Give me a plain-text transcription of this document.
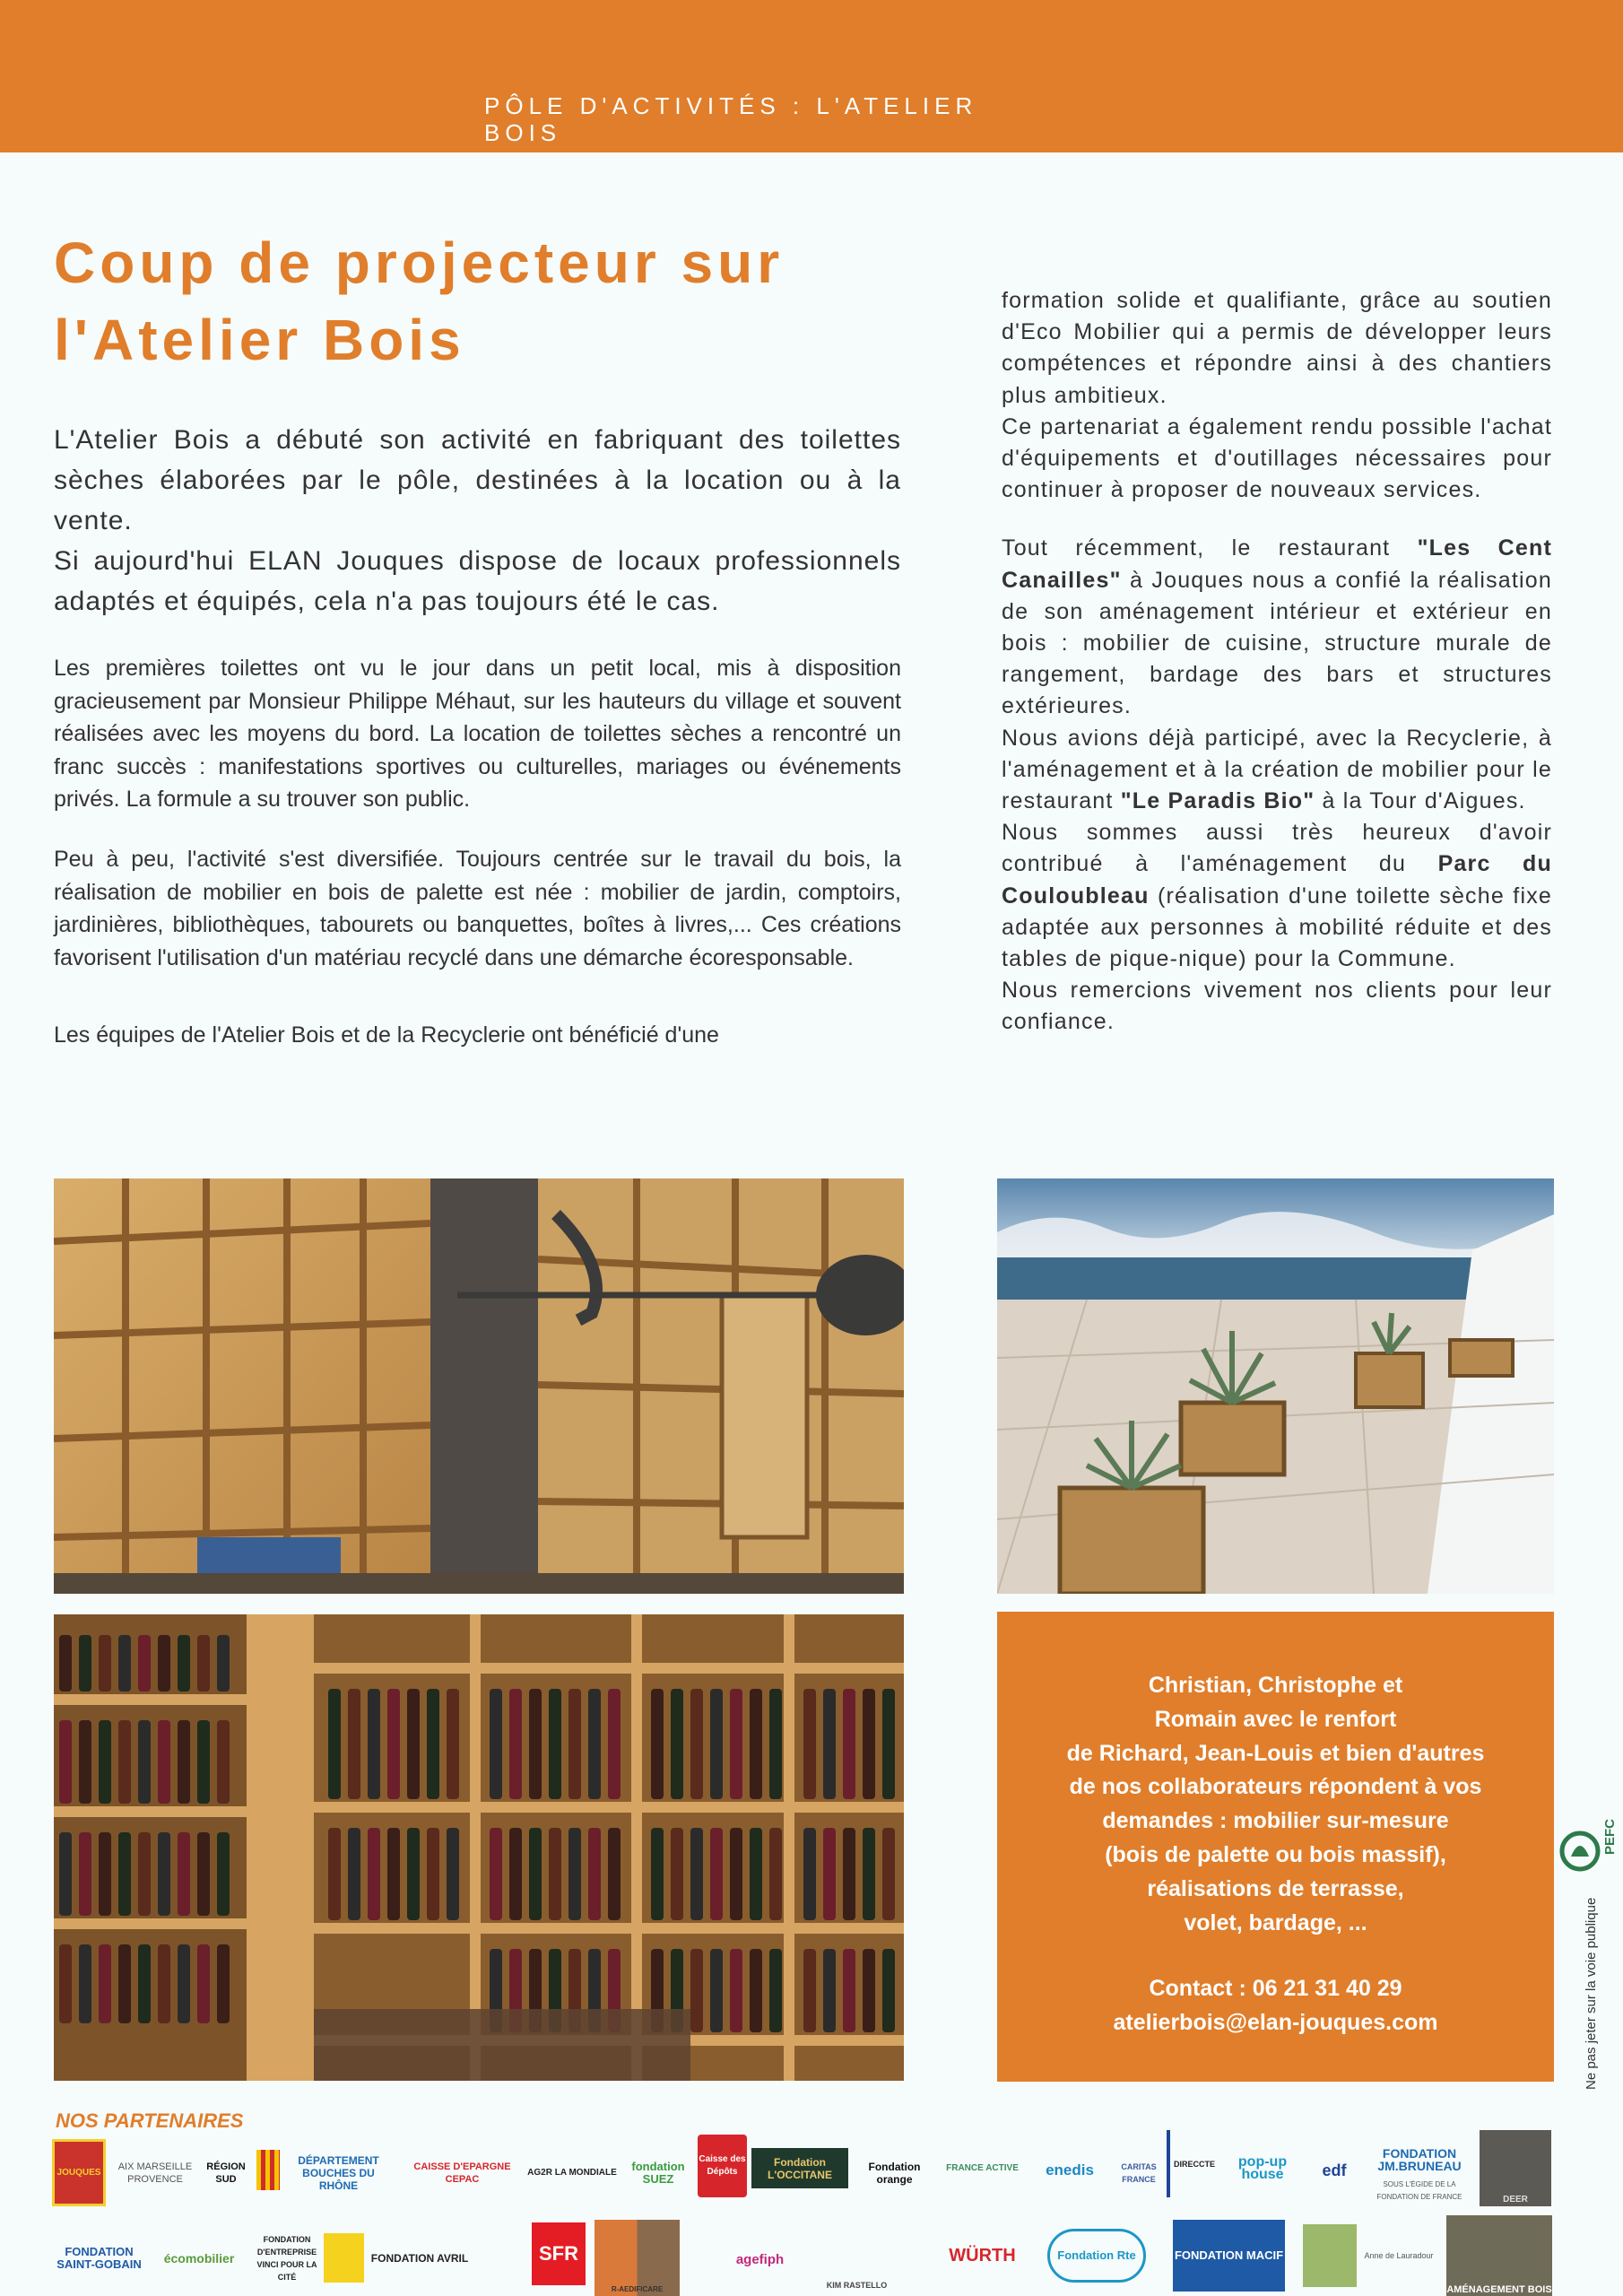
PÔLE D'ACTIVITÉS : L'ATELIER BOIS
Coup de projecteur sur l'Atelier Bois

L'Atelier Bois a débuté son activité en fabriquant des toilettes sèches élaborées par le pôle, destinées à la location ou à la vente.

Si aujourd'hui ELAN Jouques dispose de locaux professionnels adaptés et équipés, cela n'a pas toujours été le cas.

Les premières toilettes ont vu le jour dans un petit local, mis à disposition gracieusement par Monsieur Philippe Méhaut, sur les hauteurs du village et souvent réalisées avec les moyens du bord. La location de toilettes sèches a rencontré un franc succès : manifestations sportives ou culturelles, mariages ou événements privés. La formule a su trouver son public.

Peu à peu, l'activité s'est diversifiée. Toujours centrée sur le travail du bois, la réalisation de mobilier en bois de palette est née : mobilier de jardin, comptoirs, jardinières, bibliothèques, tabourets ou banquettes, boîtes à livres,... Ces créations favorisent l'utilisation d'un matériau recyclé dans une démarche écoresponsable.

Les équipes de l'Atelier Bois et de la Recyclerie ont bénéficié d'une

formation solide et qualifiante, grâce au soutien d'Eco Mobilier qui a permis de développer leurs compétences et répondre ainsi à des chantiers plus ambitieux.

Ce partenariat a également rendu possible l'achat d'équipements et d'outillages nécessaires pour continuer à proposer de nouveaux services.

Tout récemment, le restaurant "Les Cent Canailles" à Jouques nous a confié la réalisation de son aménagement intérieur et extérieur en bois : mobilier de cuisine, structure murale de rangement, bardage des bars et structures extérieures.

Nous avions déjà participé, avec la Recyclerie, à l'aménagement et à la création de mobilier pour le restaurant "Le Paradis Bio" à la Tour d'Aigues.

Nous sommes aussi très heureux d'avoir contribué à l'aménagement du Parc du Couloubleau (réalisation d'une toilette sèche fixe adaptée aux personnes à mobilité réduite et des tables de pique-nique) pour la Commune.

Nous remercions vivement nos clients pour leur confiance.

Christian, Christophe et
Romain avec le renfort
de Richard, Jean-Louis et bien d'autres
de nos collaborateurs répondent à vos
demandes : mobilier sur-mesure
(bois de palette ou bois massif),
réalisations de terrasse,
volet, bardage, ...
Contact : 06 21 31 40 29
atelierbois@elan-jouques.com
PEFC
Ne pas jeter sur la voie publique
NOS PARTENAIRES
JOUQUES
AIX MARSEILLE PROVENCE
RÉGION SUD
DÉPARTEMENT BOUCHES DU RHÔNE
CAISSE D'EPARGNE CEPAC
AG2R LA MONDIALE	fondation SUEZ
Caisse des Dépôts
Fondation L'OCCITANE
Fondation orange
FRANCE ACTIVE	enedis	CARITAS FRANCE
DIRECCTE	pop-up house	edf
FONDATION JM.BRUNEAU
SOUS L'ÉGIDE DE LA FONDATION DE FRANCE	DEER
FONDATION SAINT-GOBAIN	écomobilier
FONDATION D'ENTREPRISE VINCI POUR LA CITÉ
FONDATION AVRIL	SFR
R-AEDIFICARE
agefiph
KIM RASTELLO
WÜRTH	Fondation Rte	FONDATION MACIF	Anne de Lauradour
AMÉNAGEMENT BOIS
